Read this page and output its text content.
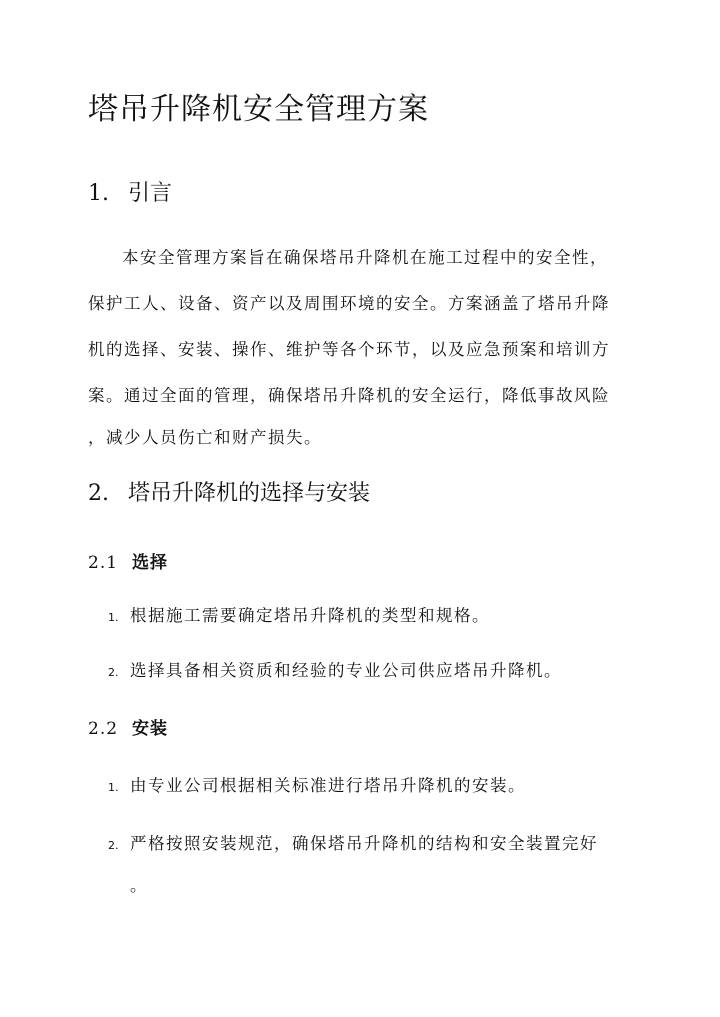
塔吊升降机安全管理方案
1. 引言
本安全管理方案旨在确保塔吊升降机在施工过程中的安全性，
保护工人、设备、资产以及周围环境的安全。方案涵盖了塔吊升降
机的选择、安装、操作、维护等各个环节，以及应急预案和培训方
案。通过全面的管理，确保塔吊升降机的安全运行，降低事故风险
，减少人员伤亡和财产损失。
2. 塔吊升降机的选择与安装
2.1 选择
1. 根据施工需要确定塔吊升降机的类型和规格。
2. 选择具备相关资质和经验的专业公司供应塔吊升降机。
2.2 安装
1. 由专业公司根据相关标准进行塔吊升降机的安装。
2. 严格按照安装规范，确保塔吊升降机的结构和安全装置完好
。
